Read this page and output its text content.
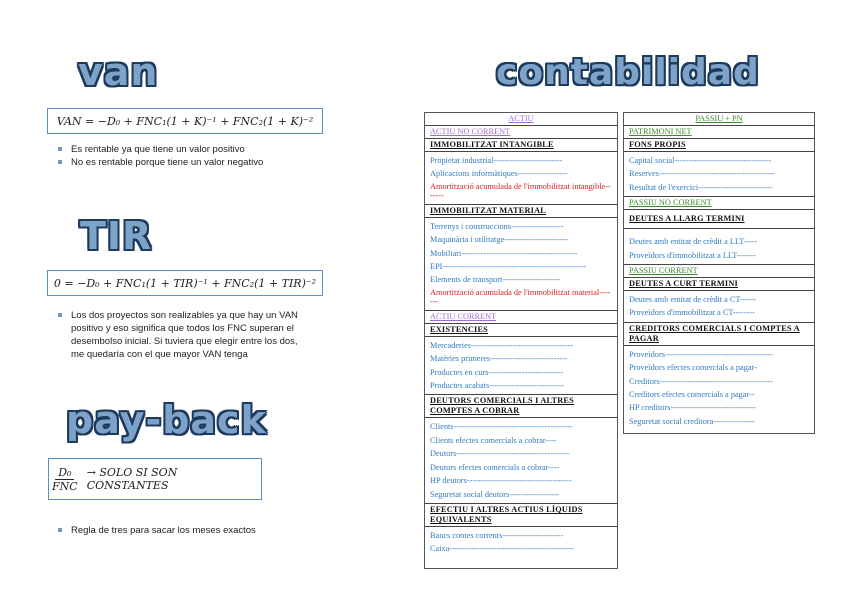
van
VAN = −D₀ + FNC₁(1 + K)⁻¹ + FNC₂(1 + K)⁻²
Es rentable ya que tiene un valor positivo
No es rentable porque tiene un valor negativo
TIR
0 = −D₀ + FNC₁(1 + TIR)⁻¹ + FNC₂(1 + TIR)⁻²
Los dos proyectos son realizables ya que hay un VAN positivo y eso significa que todos los FNC superan el desembolso inicial. Si tuviera que elegir entre los dos, me quedaría con el que mayor VAN tenga
pay-back
$\frac{\text{D₀}}{\text{FNC}}$ → SOLO SI SON CONSTANTES
Regla de tres para sacar los meses exactos
contabilidad
ACTIU
ACTIU NO CORRENT
IMMOBILITZAT INTANGIBLE
Propietat industrial-------------------------
Aplicacions informàtiques------------------
Amortització acumulada de l'immobilitzat intangible-------
IMMOBILITZAT MATERIAL
Terrenys i construccions-------------------
Maquinària i utilitatge-----------------------
Mobiliari------------------------------------------
EPI----------------------------------------------------
Elements de transport---------------------
Amortització acumulada de l'immobilitzat material-------
ACTIU CORRENT
EXISTENCIES
Mercaderies-------------------------------------
Matèries primeres----------------------------
Productes en curs---------------------------
Productes acabats---------------------------
DEUTORS COMERCIALS I ALTRES COMPTES A COBRAR
Clients-------------------------------------------
Clients efectes comercials a cobrar----
Deutors-----------------------------------------
Deutors efectes comercials a cobrar----
HP deutors--------------------------------------
Seguretat social deutors------------------
EFECTIU I ALTRES ACTIUS LÍQUIDS EQUIVALENTS
Bancs contes corrents----------------------
Caixa---------------------------------------------
PASSIU + PN
PATRIMONI NET
FONS PROPIS
Capital social-----------------------------------
Reserves------------------------------------------
Resultat de l'exercici---------------------------
PASSIU NO CORRENT
DEUTES A LLARG TERMINI
Deutes amb entitat de crèdit a LLT-----
Proveïdors d'immobilitzat a LLT-------
PASSIU CORRENT
DEUTES A CURT TERMINI
Deutes amb entitat de crèdit a CT------
Proveïdors d'immobilitzat a CT--------
CREDITORS COMERCIALS I COMPTES A PAGAR
Proveïdors---------------------------------------
Proveïdors efectes comercials a pagar-
Creditors-----------------------------------------
Creditors efectes comercials a pagar--
HP creditors-------------------------------
Seguretat social creditora---------------
